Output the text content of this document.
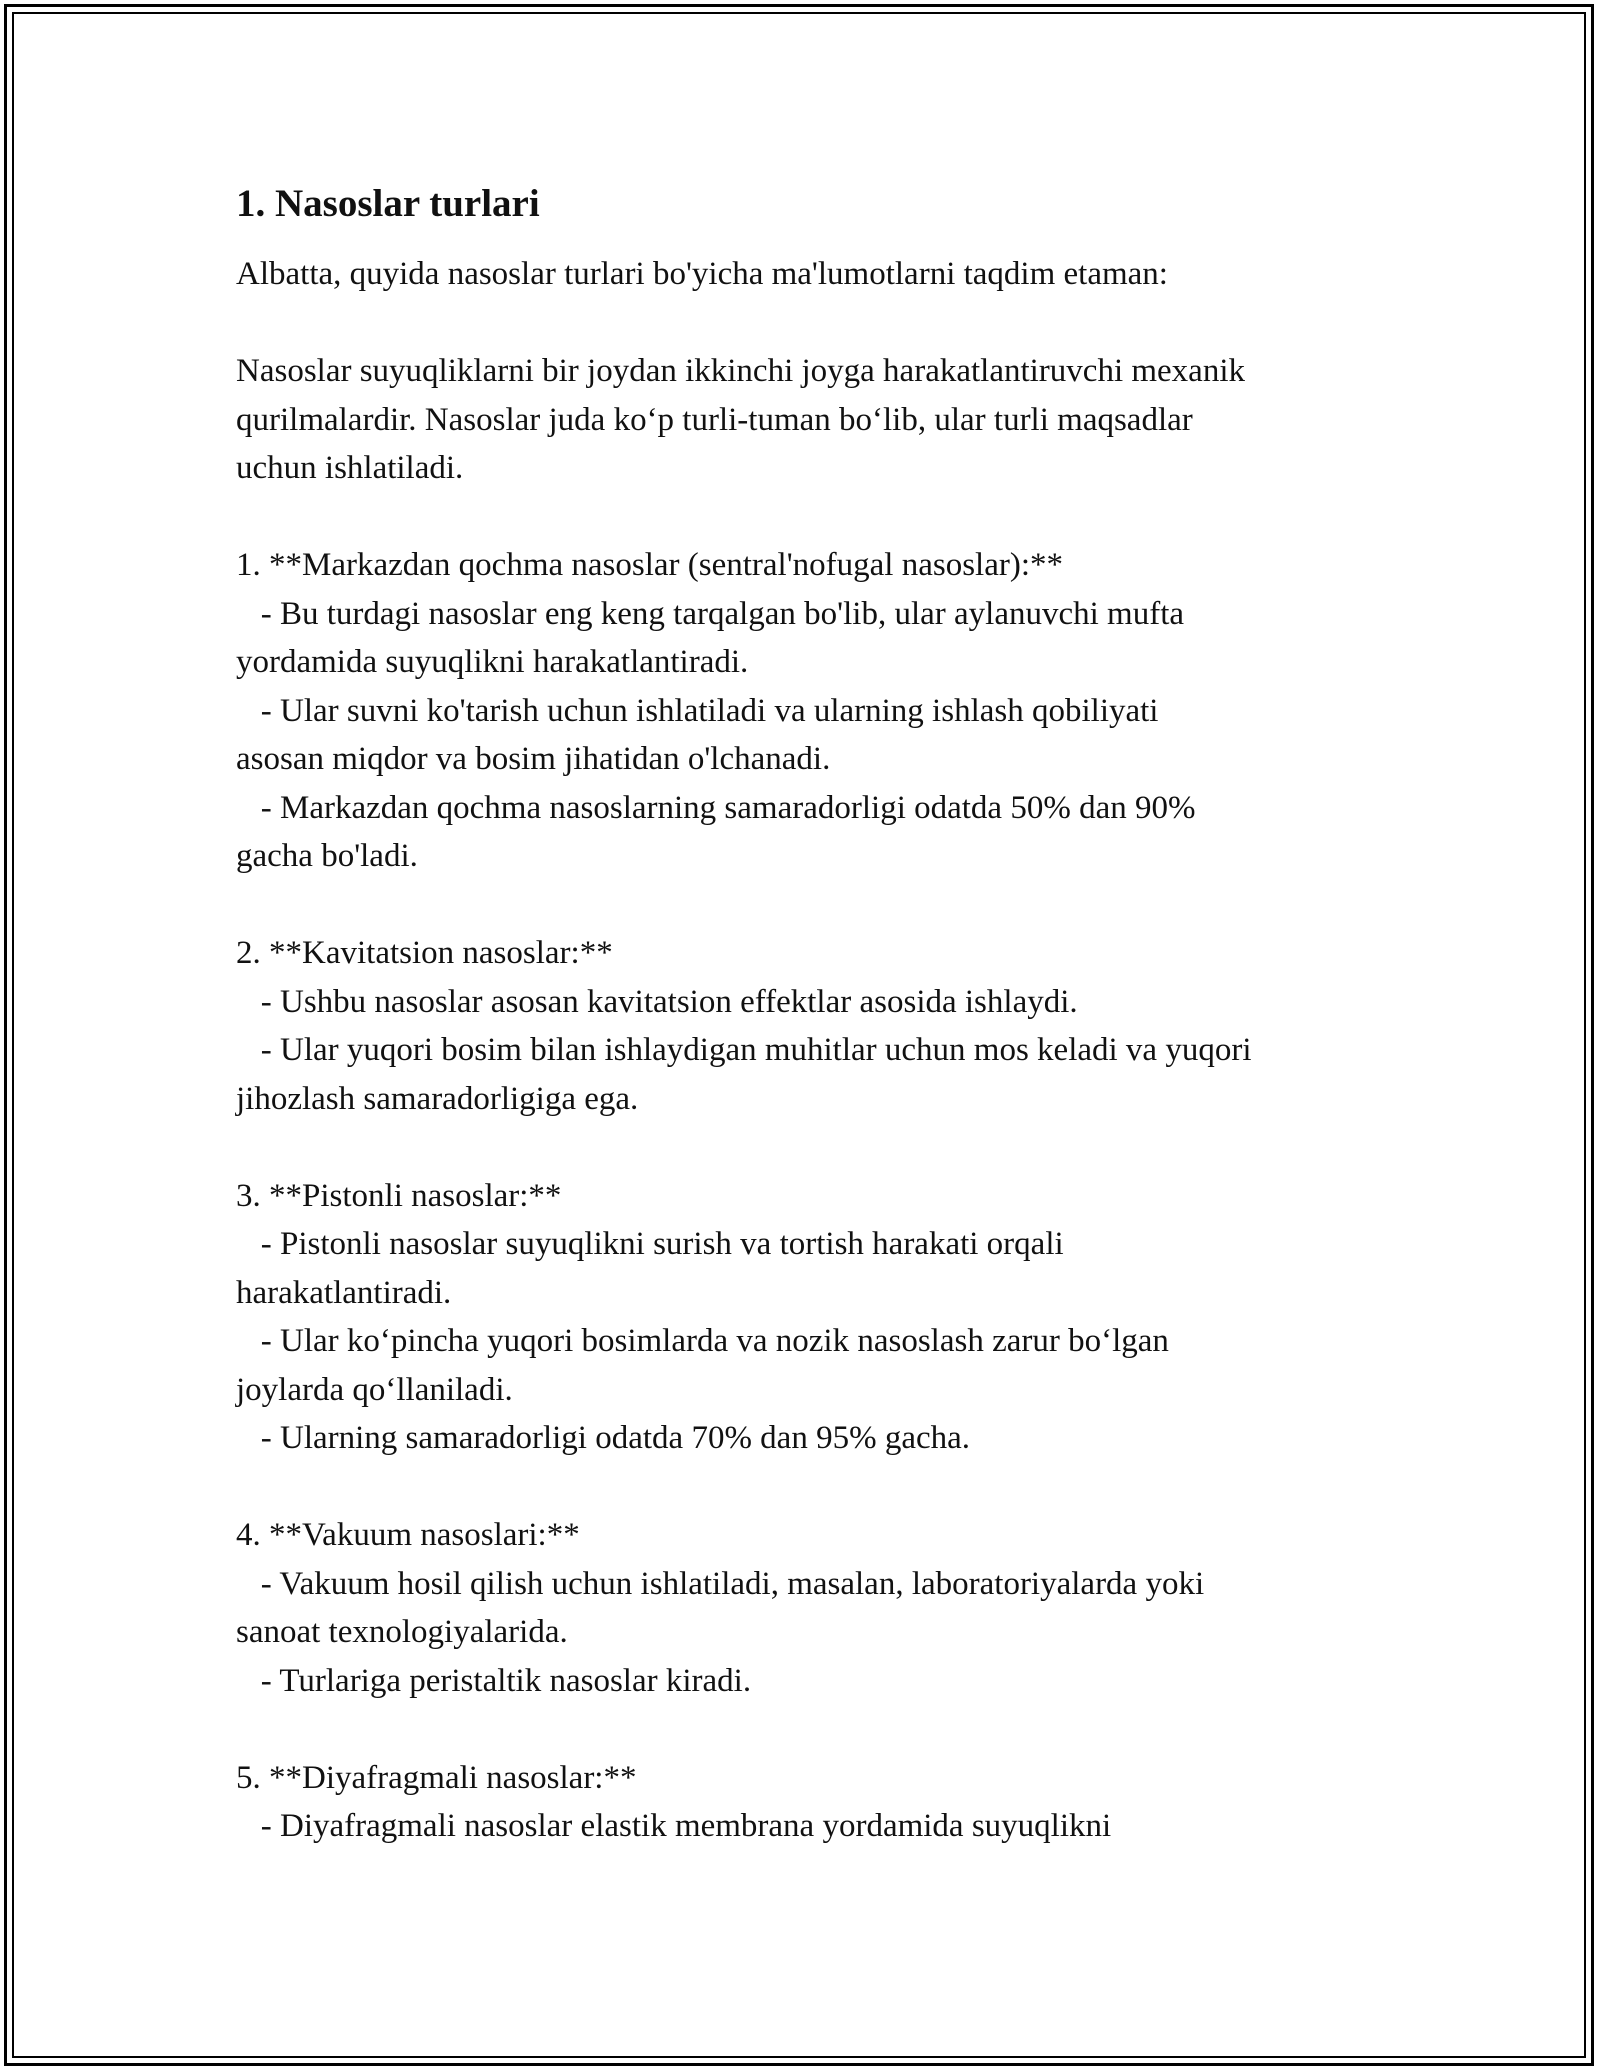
1. Nasoslar turlari

Albatta, quyida nasoslar turlari bo'yicha ma'lumotlarni taqdim etaman:

Nasoslar suyuqliklarni bir joydan ikkinchi joyga harakatlantiruvchi mexanik

qurilmalardir. Nasoslar juda ko‘p turli-tuman bo‘lib, ular turli maqsadlar

uchun ishlatiladi.

1. **Markazdan qochma nasoslar (sentral'nofugal nasoslar):**

- Bu turdagi nasoslar eng keng tarqalgan bo'lib, ular aylanuvchi mufta

yordamida suyuqlikni harakatlantiradi.

- Ular suvni ko'tarish uchun ishlatiladi va ularning ishlash qobiliyati

asosan miqdor va bosim jihatidan o'lchanadi.

- Markazdan qochma nasoslarning samaradorligi odatda 50% dan 90%

gacha bo'ladi.

2. **Kavitatsion nasoslar:**

- Ushbu nasoslar asosan kavitatsion effektlar asosida ishlaydi.

- Ular yuqori bosim bilan ishlaydigan muhitlar uchun mos keladi va yuqori

jihozlash samaradorligiga ega.

3. **Pistonli nasoslar:**

- Pistonli nasoslar suyuqlikni surish va tortish harakati orqali

harakatlantiradi.

- Ular ko‘pincha yuqori bosimlarda va nozik nasoslash zarur bo‘lgan

joylarda qo‘llaniladi.

- Ularning samaradorligi odatda 70% dan 95% gacha.

4. **Vakuum nasoslari:**

- Vakuum hosil qilish uchun ishlatiladi, masalan, laboratoriyalarda yoki

sanoat texnologiyalarida.

- Turlariga peristaltik nasoslar kiradi.

5. **Diyafragmali nasoslar:**

- Diyafragmali nasoslar elastik membrana yordamida suyuqlikni
